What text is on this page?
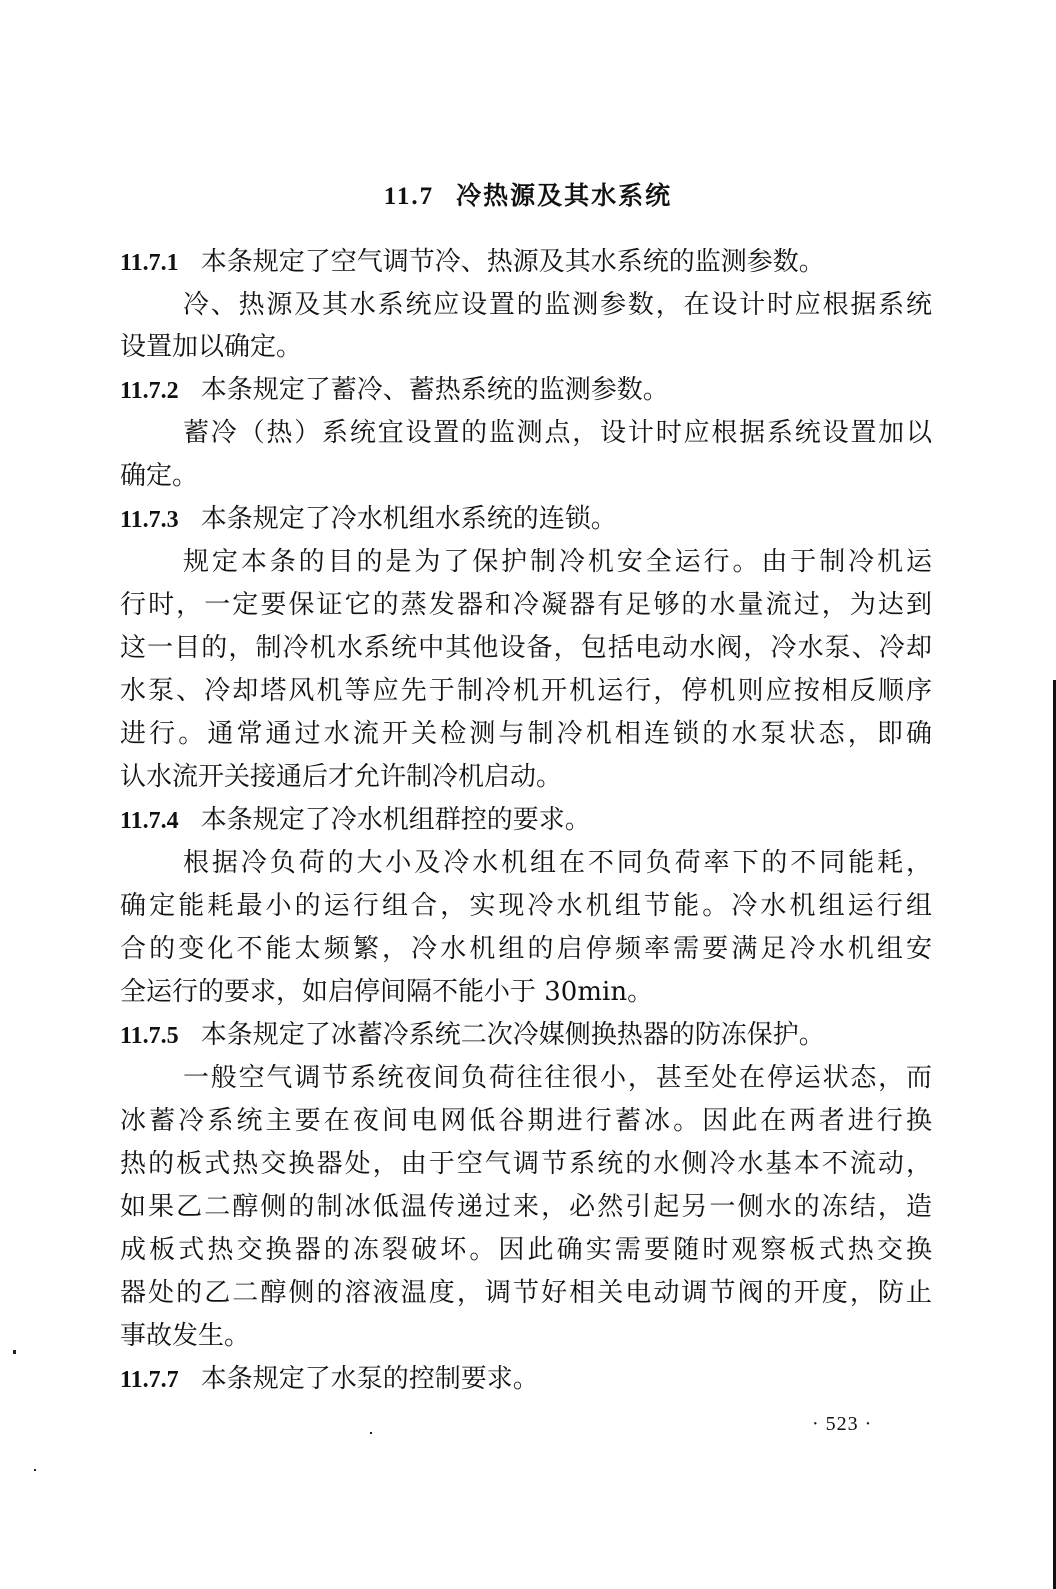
11.7 冷热源及其水系统
11.7.1 本条规定了空气调节冷、热源及其水系统的监测参数。
冷、热源及其水系统应设置的监测参数，在设计时应根据系统
设置加以确定。
11.7.2 本条规定了蓄冷、蓄热系统的监测参数。
蓄冷（热）系统宜设置的监测点，设计时应根据系统设置加以
确定。
11.7.3 本条规定了冷水机组水系统的连锁。
规定本条的目的是为了保护制冷机安全运行。由于制冷机运
行时，一定要保证它的蒸发器和冷凝器有足够的水量流过，为达到
这一目的，制冷机水系统中其他设备，包括电动水阀，冷水泵、冷却
水泵、冷却塔风机等应先于制冷机开机运行，停机则应按相反顺序
进行。通常通过水流开关检测与制冷机相连锁的水泵状态，即确
认水流开关接通后才允许制冷机启动。
11.7.4 本条规定了冷水机组群控的要求。
根据冷负荷的大小及冷水机组在不同负荷率下的不同能耗，
确定能耗最小的运行组合，实现冷水机组节能。冷水机组运行组
合的变化不能太频繁，冷水机组的启停频率需要满足冷水机组安
全运行的要求，如启停间隔不能小于 30min。
11.7.5 本条规定了冰蓄冷系统二次冷媒侧换热器的防冻保护。
一般空气调节系统夜间负荷往往很小，甚至处在停运状态，而
冰蓄冷系统主要在夜间电网低谷期进行蓄冰。因此在两者进行换
热的板式热交换器处，由于空气调节系统的水侧冷水基本不流动，
如果乙二醇侧的制冰低温传递过来，必然引起另一侧水的冻结，造
成板式热交换器的冻裂破坏。因此确实需要随时观察板式热交换
器处的乙二醇侧的溶液温度，调节好相关电动调节阀的开度，防止
事故发生。
11.7.7 本条规定了水泵的控制要求。
· 523 ·
